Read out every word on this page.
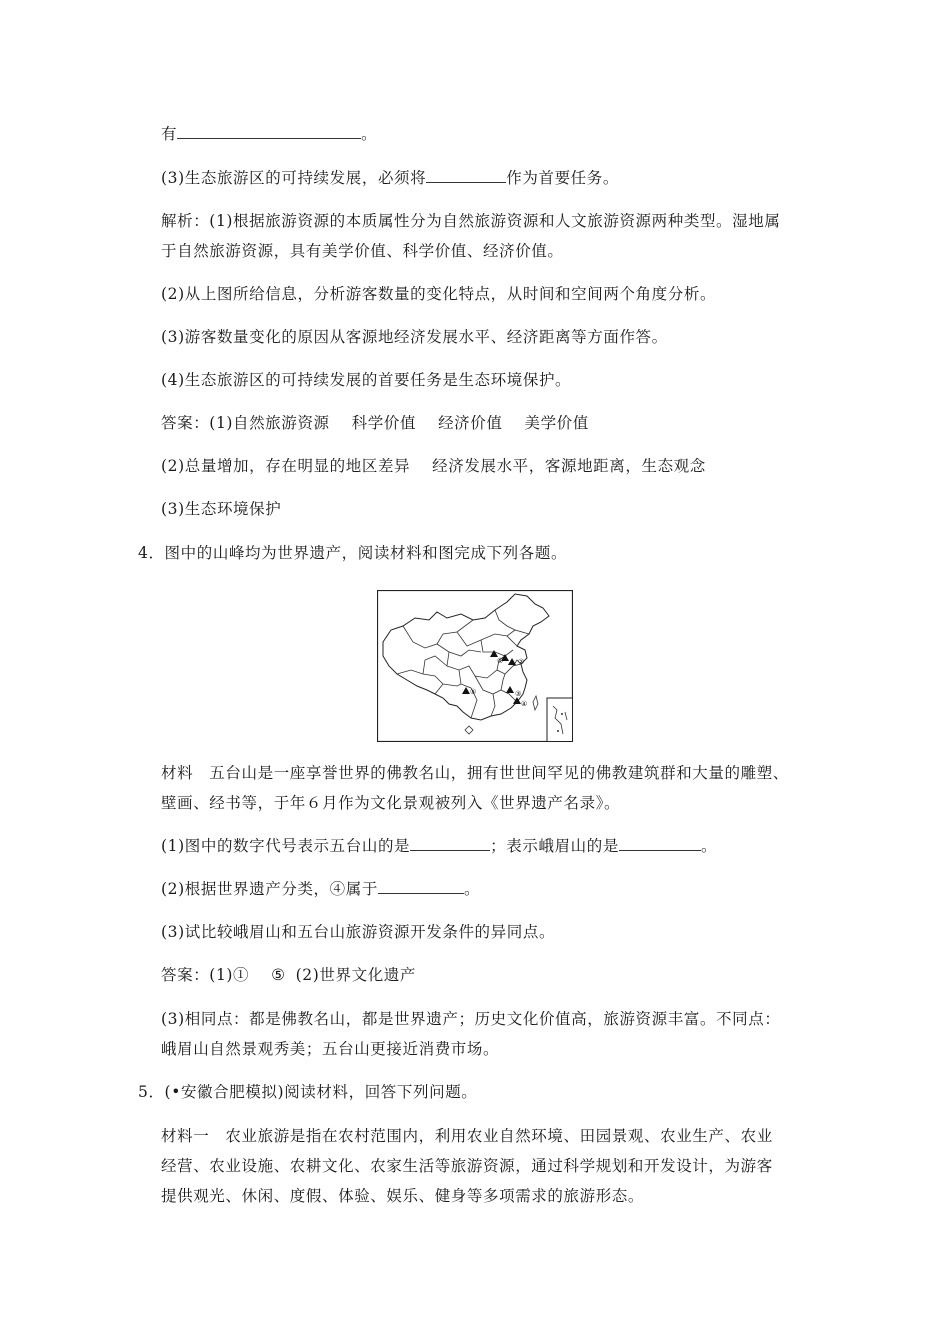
有	。
(3)生态旅游区的可持续发展，必须将	作为首要任务。
解析：(1)根据旅游资源的本质属性分为自然旅游资源和人文旅游资源两种类型。湿地属
于自然旅游资源，具有美学价值、科学价值、经济价值。
(2)从上图所给信息，分析游客数量的变化特点，从时间和空间两个角度分析。
(3)游客数量变化的原因从客源地经济发展水平、经济距离等方面作答。
(4)生态旅游区的可持续发展的首要任务是生态环境保护。
答案：(1)自然旅游资源 科学价值 经济价值 美学价值
(2)总量增加，存在明显的地区差异 经济发展水平，客源地距离，生态观念
(3)生态环境保护
4．图中的山峰均为世界遗产，阅读材料和图完成下列各题。
① ②
③
④
⑤
材料　五台山是一座享誉世界的佛教名山，拥有世世间罕见的佛教建筑群和大量的雕塑、
壁画、经书等，于年６月作为文化景观被列入《世界遗产名录》。
(1)图中的数字代号表示五台山的是	；表示峨眉山的是	。
(2)根据世界遗产分类，④属于	。
(3)试比较峨眉山和五台山旅游资源开发条件的异同点。
答案：(1)① ⑤ (2)世界文化遗产
(3)相同点：都是佛教名山，都是世界遗产；历史文化价值高，旅游资源丰富。不同点：
峨眉山自然景观秀美；五台山更接近消费市场。
5．(•安徽合肥模拟)阅读材料，回答下列问题。
材料一　农业旅游是指在农村范围内，利用农业自然环境、田园景观、农业生产、农业
经营、农业设施、农耕文化、农家生活等旅游资源，通过科学规划和开发设计，为游客
提供观光、休闲、度假、体验、娱乐、健身等多项需求的旅游形态。
